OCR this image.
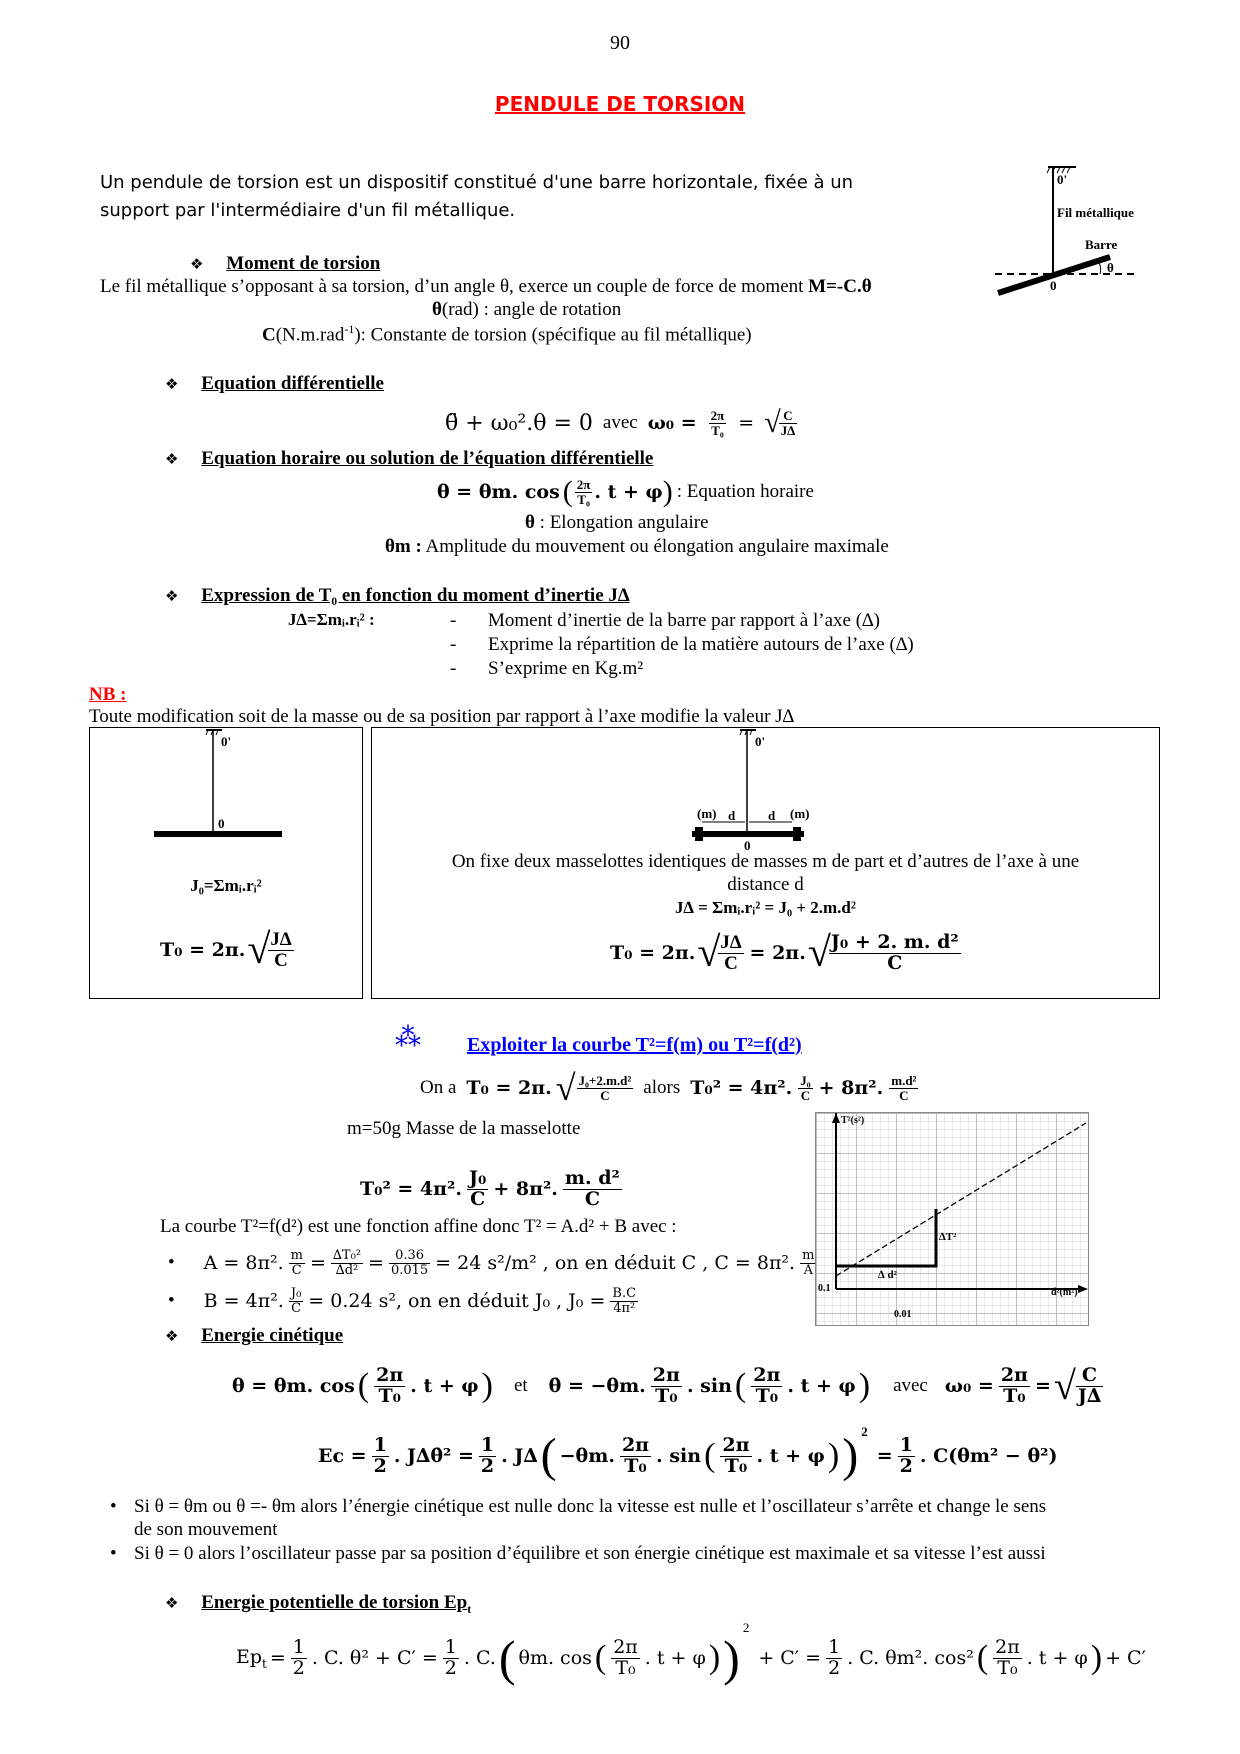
90
PENDULE DE TORSION
Un pendule de torsion est un dispositif constitué d'une barre horizontale, fixée à un
support par l'intermédiaire d'un fil métallique.
0'
Fil métallique
Barre
θ
0
❖ Moment de torsion
Le fil métallique s’opposant à sa torsion, d’un angle θ, exerce un couple de force de moment M=-C.θ
θ(rad) : angle de rotation
C(N.m.rad$^{-1}$): Constante de torsion (spécifique au fil métallique)
❖ Equation différentielle
θ̈ + ω₀².θ = 0 avec $\omega_0 = \frac{2\pi}{\text{T₀}}$ = √
$\frac{C}{J\Delta}$
❖ Equation horaire ou solution de l’équation différentielle
θ = θm. cos ( $\frac{2\pi}{\text{T₀}}$ . t + φ ) : Equation horaire
θ : Elongation angulaire
θm : Amplitude du mouvement ou élongation angulaire maximale
❖ Expression de T₀ en fonction du moment d’inertie J∆
J∆=Σmᵢ.rᵢ² :	- Moment d’inertie de la barre par rapport à l’axe (∆)
- Exprime la répartition de la matière autours de l’axe (∆)
- S’exprime en Kg.m²
NB :
Toute modification soit de la masse ou de sa position par rapport à l’axe modifie la valeur J∆
0'
0
J₀=Σmᵢ.rᵢ²
T₀ = 2π. √
$\frac{J\Delta}{C}$
0'
(m) d	d (m)
0
On fixe deux masselottes identiques de masses m de part et d’autres de l’axe à une
distance d
J∆ = Σmᵢ.rᵢ² = J₀ + 2.m.d²
T₀ = 2π. √
$\frac{J\Delta}{C} = 2\pi$. √
$\frac{\text{J₀ + 2. m. d²}}{C}$
⁂ Exploiter la courbe T²=f(m) ou T²=f(d²)
On a T₀ = 2π. √ $\frac{\text{J₀+2.m.d²}}{C}$ alors T₀² = 4π². $\frac{\text{J₀}}{C} + 8\pi^2$. $\frac{\text{m.d²}}{C}$
m=50g Masse de la masselotte
T₀² = 4π². $\frac{\text{J₀}}{C} + 8\pi^2$. $\frac{\text{m. d²}}{C}$
La courbe T²=f(d²) est une fonction affine donc T² = A.d² + B avec :
• A = 8π². $\frac{m}{C} = \frac{\text{∆T₀²}}{\text{∆d²}} = \frac{0.36}{0.015} = 24$ s²/m² , on en déduit C , C = 8π². $\frac{m}{A}$
• B = 4π². $\frac{\text{J₀}}{C} = 0.24$ s², on en déduit J₀ , $J_0 = \frac{B.C}{\text{4π²}}$
T²(s²)
d²(m²)
0.1
0.01
∆T²
∆ d²
❖ Energie cinétique
θ = θm. cos ( $\frac{2\pi}{\text{T₀}}$ . t + φ ) et θ̇ = −θm. $\frac{2\pi}{\text{T₀}}$ . sin ( $\frac{2\pi}{\text{T₀}}$ . t + φ ) avec $\omega_0 = \frac{2\pi}{\text{T₀}}$ = √ $\frac{C}{J\Delta}$
$Ec = \frac{1}{2}$ . J∆θ̇² = $\frac{1}{2}$ . J∆ ( −θm. $\frac{2\pi}{\text{T₀}}$ . sin ( $\frac{2\pi}{\text{T₀}}$ . t + φ ) )$^2$
= $\frac{1}{2}$ . C(θm² − θ²)
• Si θ = θm ou θ =- θm alors l’énergie cinétique est nulle donc la vitesse est nulle et l’oscillateur s’arrête et change le sens
de son mouvement
• Si θ = 0 alors l’oscillateur passe par sa position d’équilibre et son énergie cinétique est maximale et sa vitesse l’est aussi
❖ Energie potentielle de torsion $Ep_t$
$Ep_t = \frac{1}{2}$ . C. $\theta^2 + C' = \frac{1}{2}$ . C. ( θm. cos ( $\frac{2\pi}{\text{T₀}}$ . t + φ ) )
$^2$
+ $C' = \frac{1}{2}$ . C. θm². cos² ( $\frac{2\pi}{\text{T₀}}$ . t + φ ) + C′
